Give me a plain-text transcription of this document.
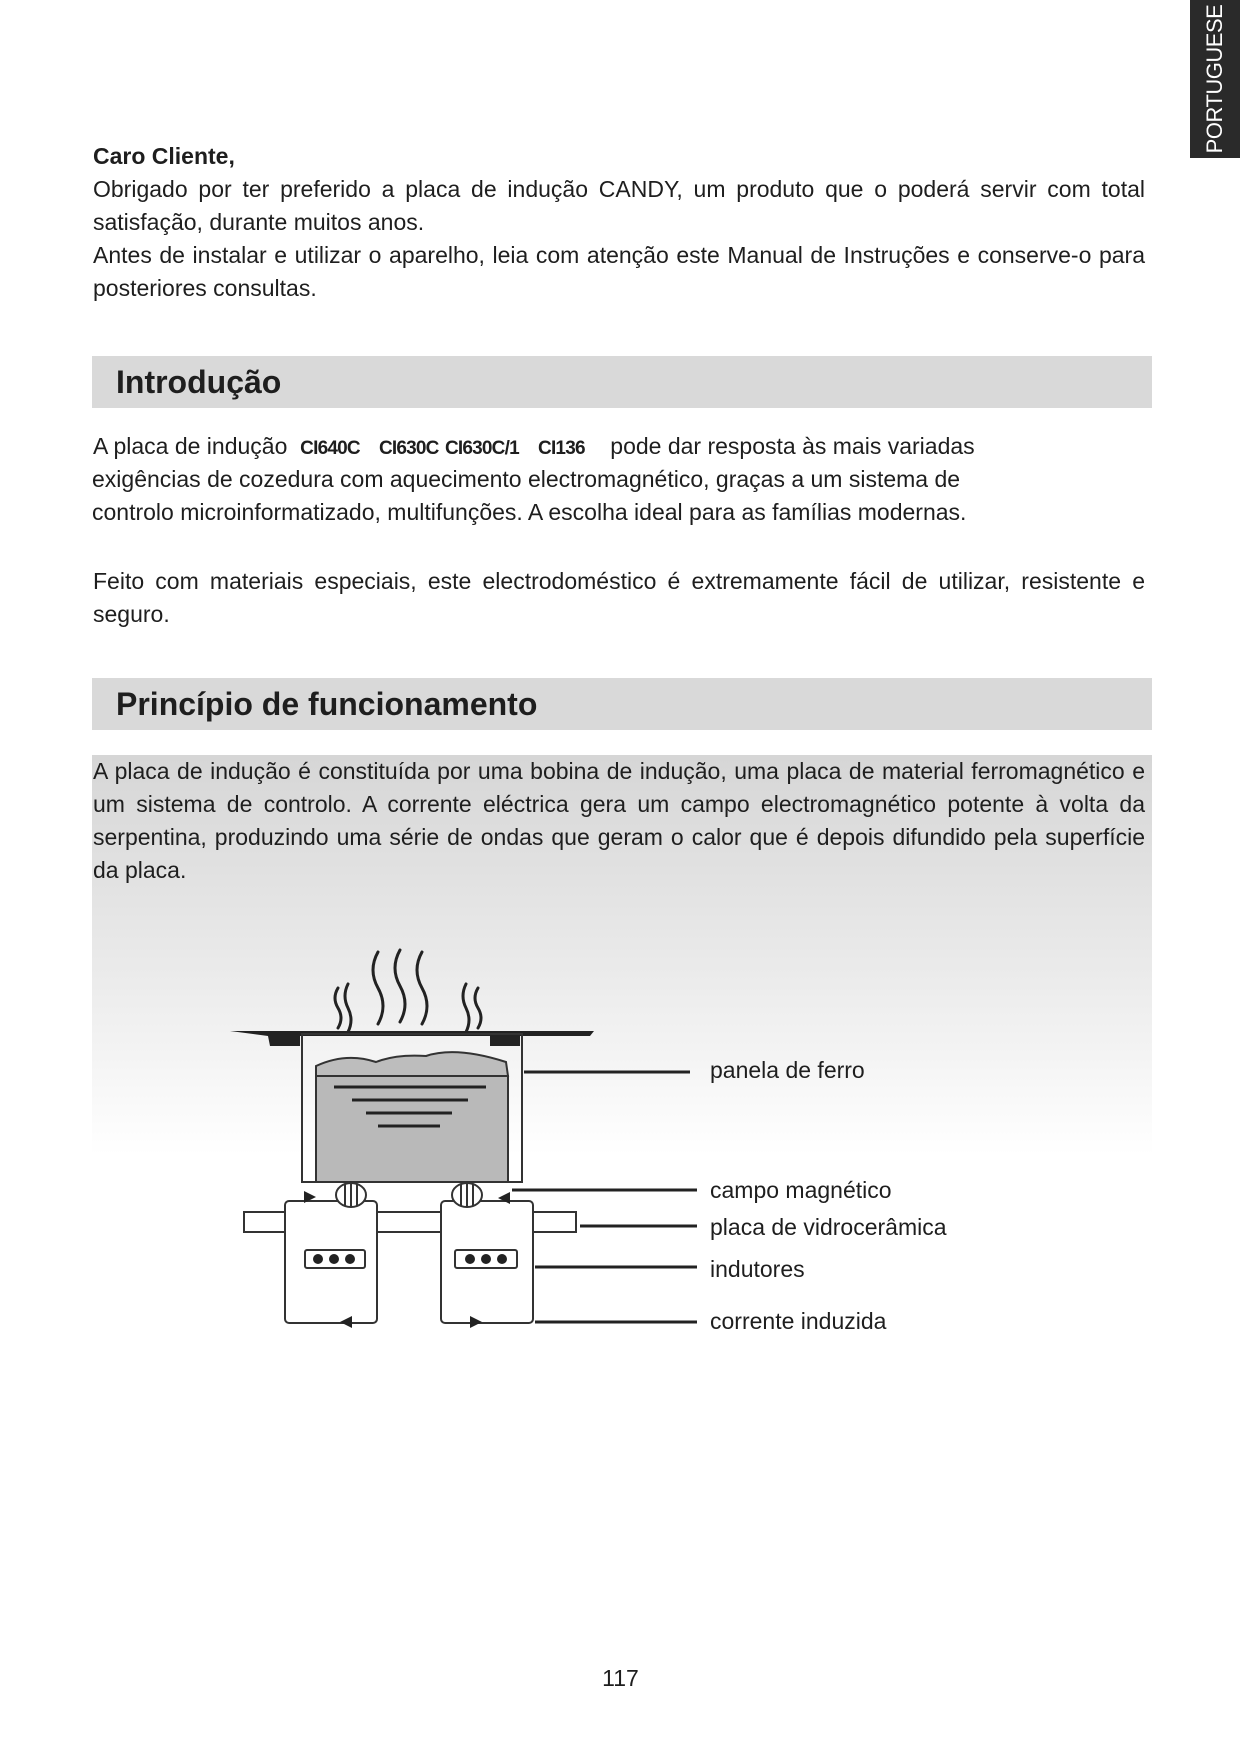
PORTUGUESE

Caro Cliente,

Obrigado por ter preferido a placa de indução CANDY, um produto que o poderá servir com total satisfação, durante muitos anos.

Antes de instalar e utilizar o aparelho, leia com atenção este Manual de Instruções e conserve-o para posteriores consultas.

Introdução

A placa de indução CI640C CI630C CI630C/1 CI136 pode dar resposta às mais variadas

exigências de cozedura com aquecimento electromagnético, graças a um sistema de

controlo microinformatizado, multifunções. A escolha ideal para as famílias modernas.

Feito com materiais especiais, este electrodoméstico é extremamente fácil de utilizar, resistente e seguro.

Princípio de funcionamento

A placa de indução é constituída por uma bobina de indução, uma placa de material ferromagnético e um sistema de controlo. A corrente eléctrica gera um campo electromagnético potente à volta da serpentina, produzindo uma série de ondas que geram o calor que é depois difundido pela superfície da placa.

panela de ferro

campo magnético

placa de vidrocerâmica

indutores

corrente induzida

117
